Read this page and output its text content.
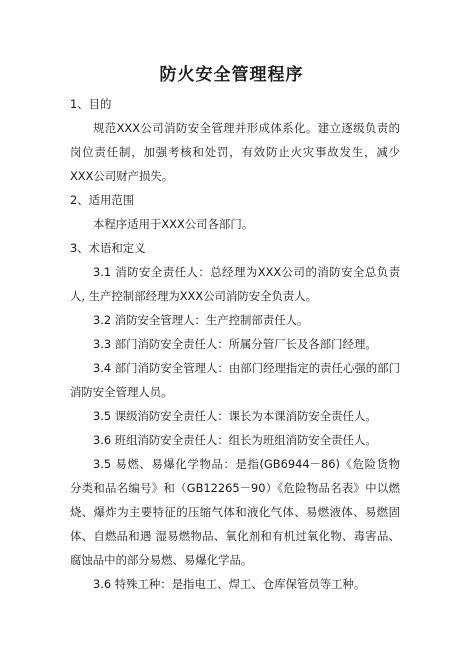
防火安全管理程序

1、目的

规范XXX公司消防安全管理并形成体系化。建立逐级负责的岗位责任制，加强考核和处罚，有效防止火灾事故发生，减少XXX公司财产损失。

2、适用范围

本程序适用于XXX公司各部门。

3、术语和定义

3.1 消防安全责任人：总经理为XXX公司的消防安全总负责人, 生产控制部经理为XXX公司消防安全负责人。

3.2 消防安全管理人：生产控制部责任人。

3.3 部门消防安全责任人：所属分管厂长及各部门经理。

3.4 部门消防安全管理人：由部门经理指定的责任心强的部门消防安全管理人员。

3.5 课级消防安全责任人：课长为本课消防安全责任人。

3.6 班组消防安全责任人：组长为班组消防安全责任人。

3.5 易燃、易爆化学物品：是指(GB6944－86)《危险货物分类和品名编号》和（GB12265－90）《危险物品名表》中以燃烧、爆炸为主要特征的压缩气体和液化气体、易燃液体、易燃固体、自燃品和遇 湿易燃物品、氧化剂和有机过氧化物、毒害品、腐蚀品中的部分易燃、易爆化学品。

3.6 特殊工种：是指电工、焊工、仓库保管员等工种。
